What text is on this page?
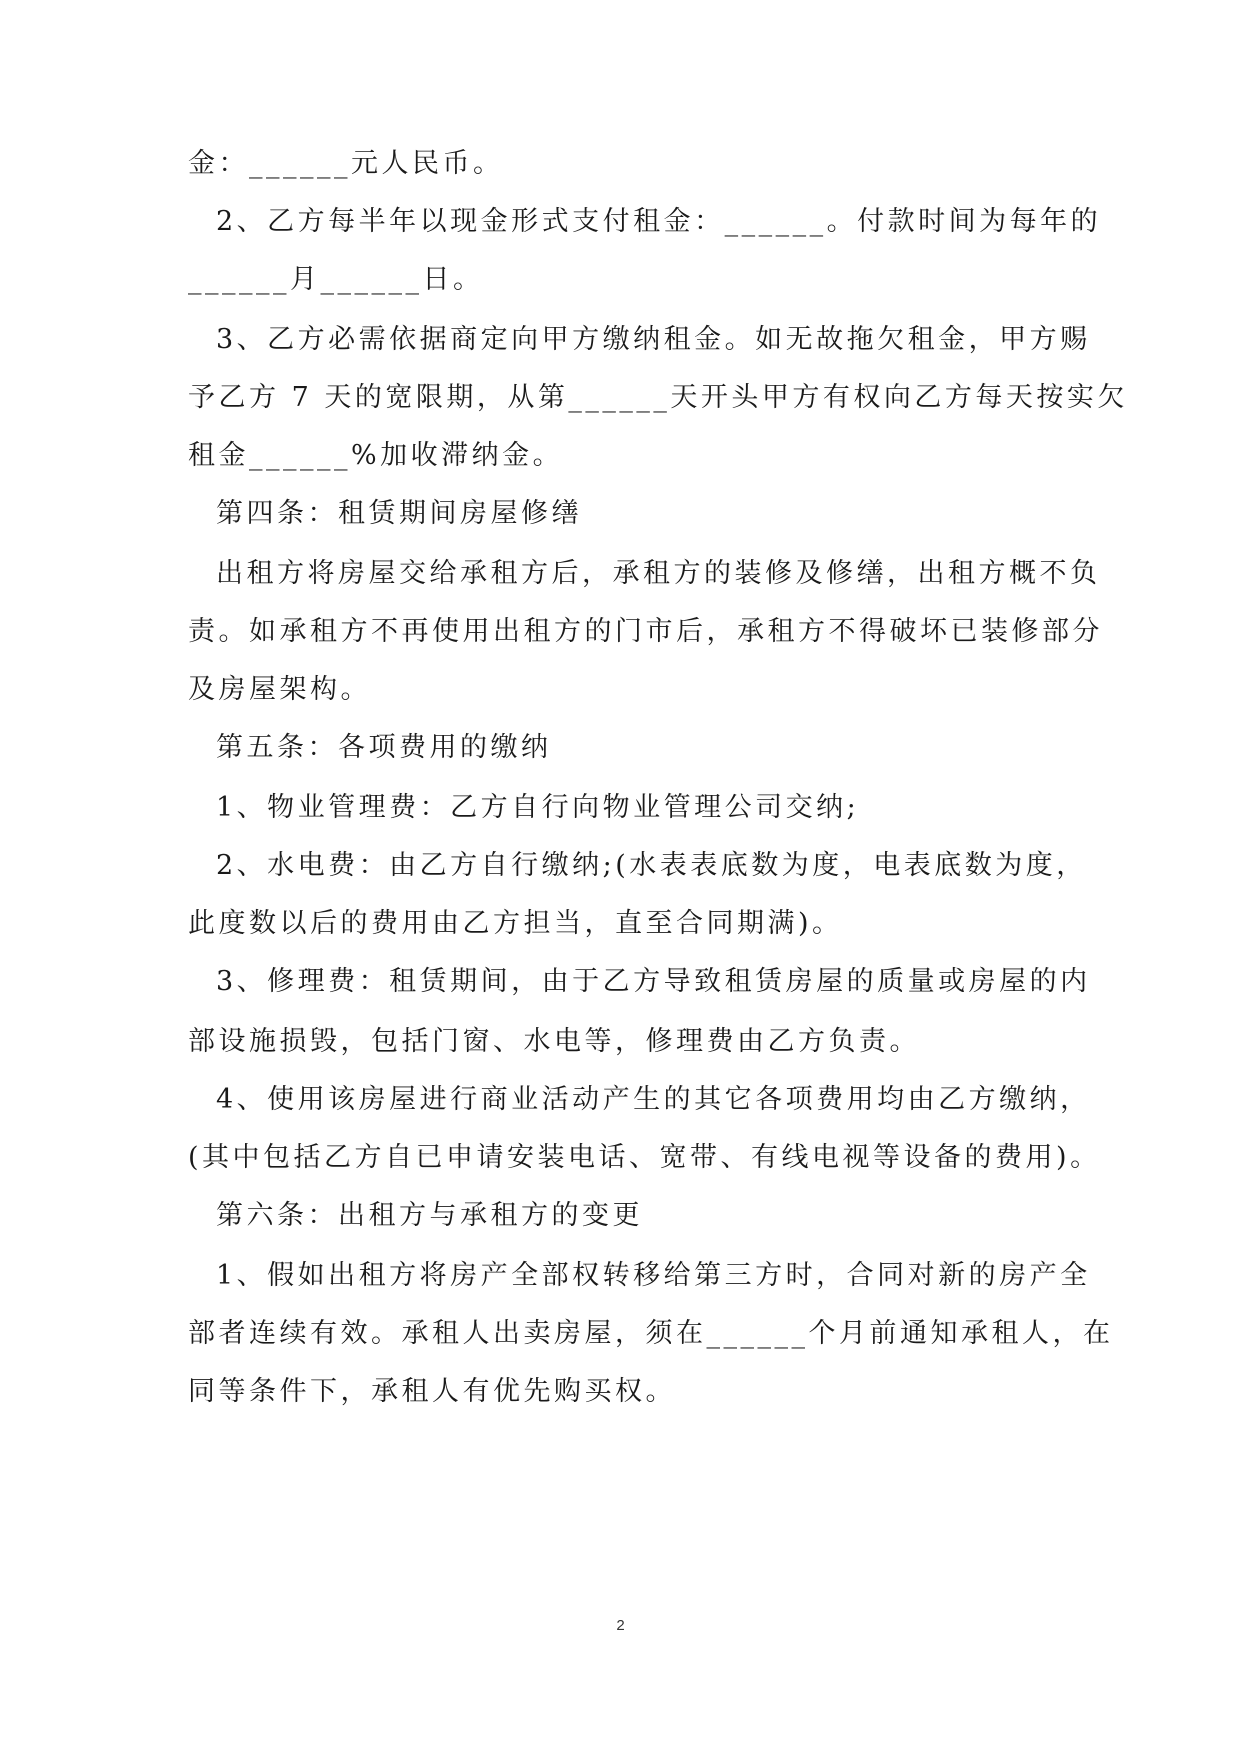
金：______元人民币。
2、乙方每半年以现金形式支付租金：______。付款时间为每年的
______月______日。
3、乙方必需依据商定向甲方缴纳租金。如无故拖欠租金，甲方赐
予乙方 7 天的宽限期，从第______天开头甲方有权向乙方每天按实欠
租金______%加收滞纳金。
第四条：租赁期间房屋修缮
出租方将房屋交给承租方后，承租方的装修及修缮，出租方概不负
责。如承租方不再使用出租方的门市后，承租方不得破坏已装修部分
及房屋架构。
第五条：各项费用的缴纳
1、物业管理费：乙方自行向物业管理公司交纳;
2、水电费：由乙方自行缴纳;(水表表底数为度，电表底数为度，
此度数以后的费用由乙方担当，直至合同期满)。
3、修理费：租赁期间，由于乙方导致租赁房屋的质量或房屋的内
部设施损毁，包括门窗、水电等，修理费由乙方负责。
4、使用该房屋进行商业活动产生的其它各项费用均由乙方缴纳，
(其中包括乙方自已申请安装电话、宽带、有线电视等设备的费用)。
第六条：出租方与承租方的变更
1、假如出租方将房产全部权转移给第三方时，合同对新的房产全
部者连续有效。承租人出卖房屋，须在______个月前通知承租人，在
同等条件下，承租人有优先购买权。
2
